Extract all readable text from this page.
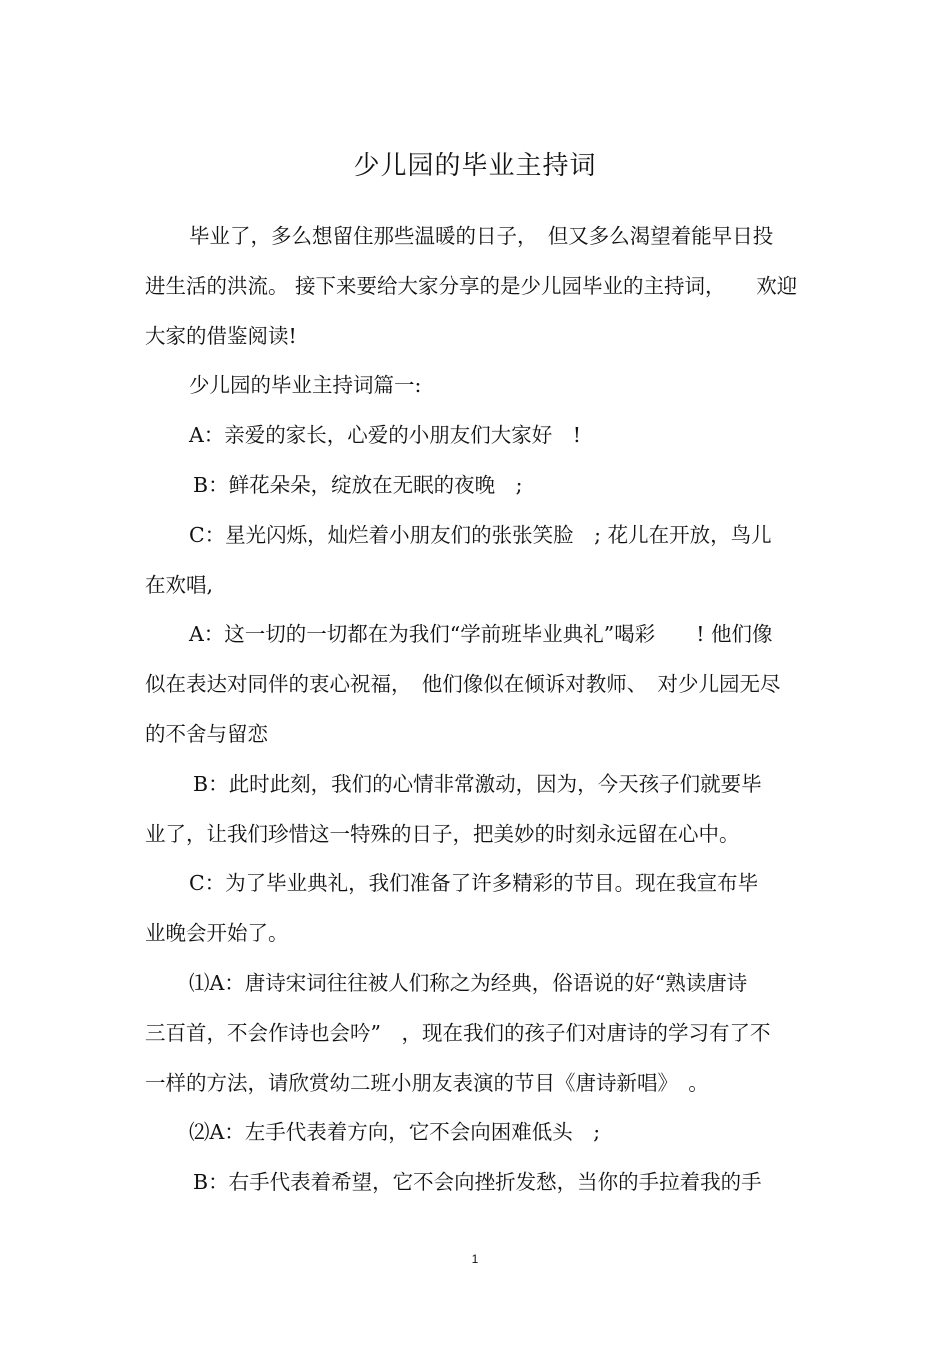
少儿园的毕业主持词
毕业了，多么想留住那些温暖的日子，　但又多么渴望着能早日投
进生活的洪流。 接下来要给大家分享的是少儿园毕业的主持词，　　欢迎
大家的借鉴阅读!
少儿园的毕业主持词篇一:
A：亲爱的家长，心爱的小朋友们大家好　!
B：鲜花朵朵，绽放在无眠的夜晚　;
C：星光闪烁，灿烂着小朋友们的张张笑脸　; 花儿在开放，鸟儿
在欢唱,
A：这一切的一切都在为我们“学前班毕业典礼”喝彩　　! 他们像
似在表达对同伴的衷心祝福，　他们像似在倾诉对教师、　对少儿园无尽
的不舍与留恋
B：此时此刻，我们的心情非常激动，因为，今天孩子们就要毕
业了，让我们珍惜这一特殊的日子，把美妙的时刻永远留在心中。
C：为了毕业典礼，我们准备了许多精彩的节目。现在我宣布毕
业晚会开始了。
⑴A：唐诗宋词往往被人们称之为经典，俗语说的好“熟读唐诗
三百首，不会作诗也会吟”　，现在我们的孩子们对唐诗的学习有了不
一样的方法，请欣赏幼二班小朋友表演的节目《唐诗新唱》　。
⑵A：左手代表着方向，它不会向困难低头　;
B：右手代表着希望，它不会向挫折发愁，当你的手拉着我的手
1
